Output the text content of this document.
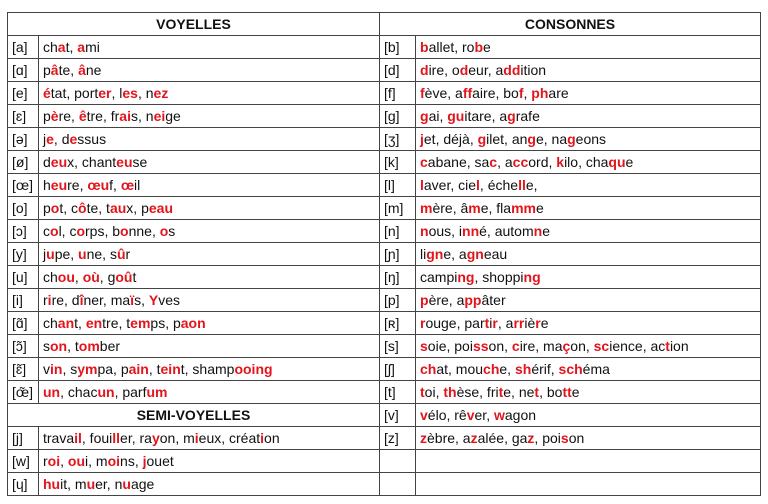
VOYELLES		CONSONNES	
[a]	chat, ami	[b]	ballet, robe
[ɑ]	pâte, âne	[d]	dire, odeur, addition
[e]	état, porter, les, nez	[f]	fève, affaire, bof, phare
[ɛ]	père, être, frais, neige	[g]	gai, guitare, agrafe
[ə]	je, dessus	[ʒ]	jet, déjà, gilet, ange, nageons
[ø]	deux, chanteuse	[k]	cabane, sac, accord, kilo, chaque
[œ]	heure, œuf, œil	[l]	laver, ciel, échelle,
[o]	pot, côte, taux, peau	[m]	mère, âme, flamme
[ɔ]	col, corps, bonne, os	[n]	nous, inné, automne
[y]	jupe, une, sûr	[ɲ]	ligne, agneau
[u]	chou, où, goût	[ŋ]	camping, shopping
[i]	rire, dîner, maïs, Yves	[p]	père, appâter
[ɑ̃]	chant, entre, temps, paon	[ʀ]	rouge, partir, arrière
[ɔ̃]	son, tomber	[s]	soie, poisson, cire, maçon, science, action
[ɛ̃]	vin, sympa, pain, teint, shampooing	[ʃ]	chat, mouche, shérif, schéma
[œ̃]	un, chacun, parfum	[t]	toi, thèse, frite, net, botte
SEMI-VOYELLES		[v]	vélo, rêver, wagon
[j]	travail, fouiller, rayon, mieux, création	[z]	zèbre, azalée, gaz, poison
[w]	roi, oui, moins, jouet		
[ɥ]	huit, muer, nuage		
